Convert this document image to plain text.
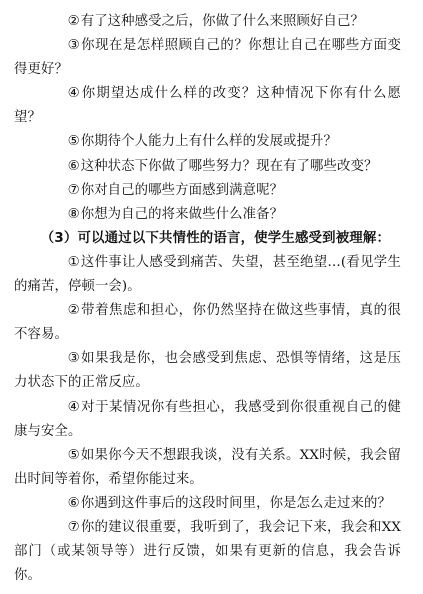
②有了这种感受之后，你做了什么来照顾好自己？

③你现在是怎样照顾自己的？你想让自己在哪些方面变得更好？

④你期望达成什么样的改变？这种情况下你有什么愿望？

⑤你期待个人能力上有什么样的发展或提升？

⑥这种状态下你做了哪些努力？现在有了哪些改变？

⑦你对自己的哪些方面感到满意呢？

⑧你想为自己的将来做些什么准备？

（3）可以通过以下共情性的语言，使学生感受到被理解：

①这件事让人感受到痛苦、失望，甚至绝望…(看见学生的痛苦，停顿一会)。

②带着焦虑和担心，你仍然坚持在做这些事情，真的很不容易。

③如果我是你，也会感受到焦虑、恐惧等情绪，这是压力状态下的正常反应。

④对于某情况你有些担心，我感受到你很重视自己的健康与安全。

⑤如果你今天不想跟我谈，没有关系。XX时候，我会留出时间等着你，希望你能过来。

⑥你遇到这件事后的这段时间里，你是怎么走过来的？

⑦你的建议很重要，我听到了，我会记下来，我会和XX部门（或某领导等）进行反馈，如果有更新的信息，我会告诉你。
